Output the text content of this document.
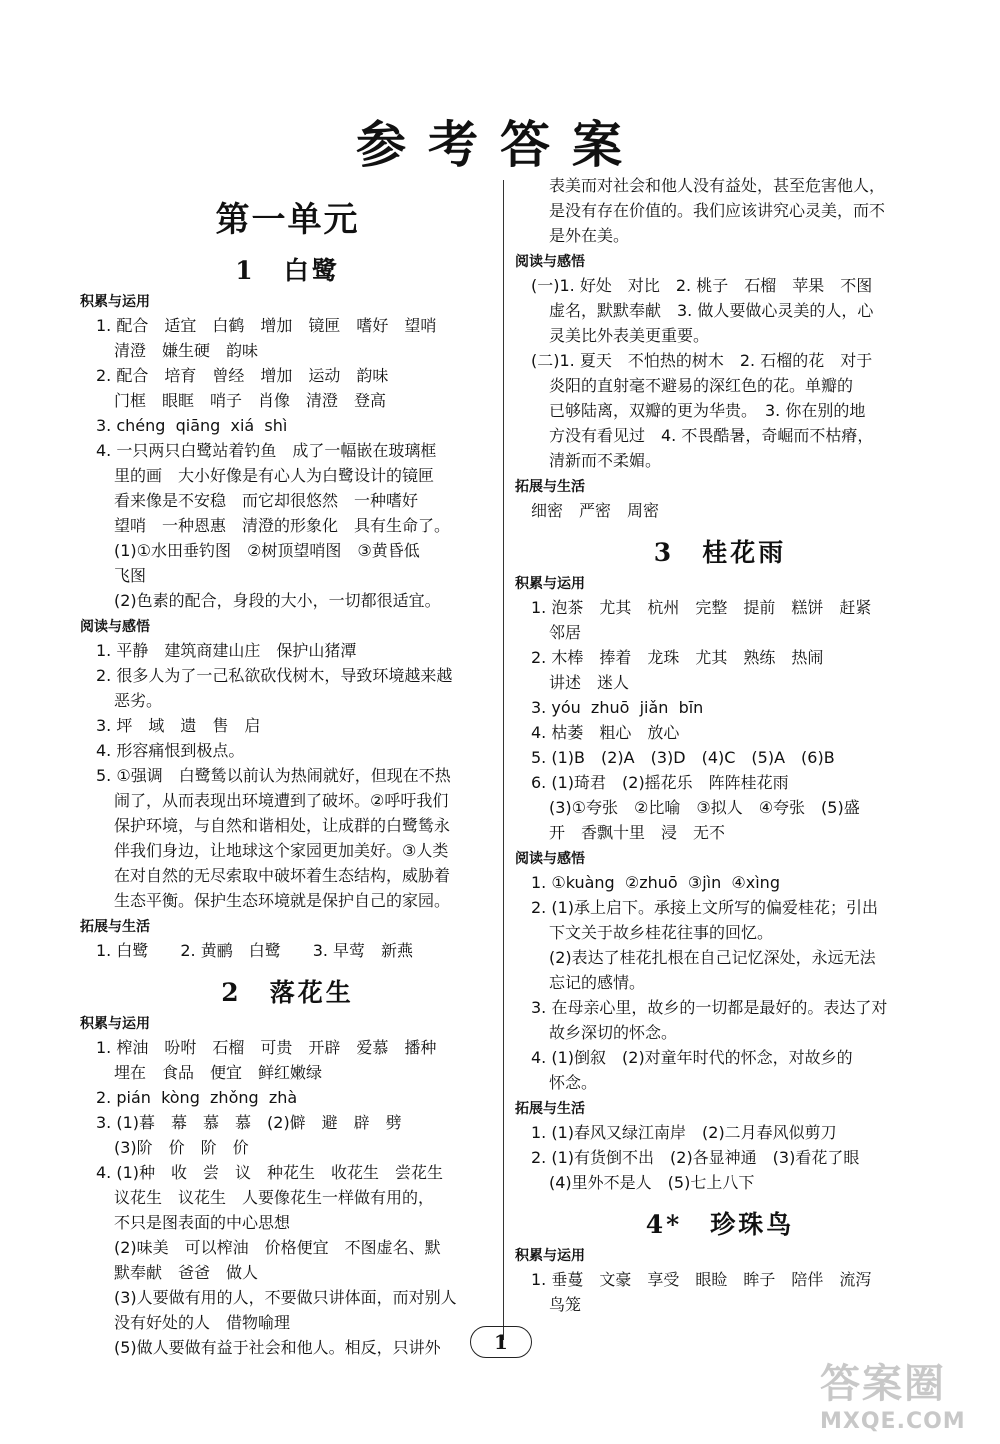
参考答案
第一单元
1　白鹭
积累与运用
1. 配合　适宜　白鹤　增加　镜匣　嗜好　望哨
清澄　嫌生硬　韵味
2. 配合　培育　曾经　增加　运动　韵味
门框　眼眶　哨子　肖像　清澄　登高
3. chéng  qiāng  xiá  shì
4. 一只两只白鹭站着钓鱼　成了一幅嵌在玻璃框
里的画　大小好像是有心人为白鹭设计的镜匣
看来像是不安稳　而它却很悠然　一种嗜好
望哨　一种恩惠　清澄的形象化　具有生命了。
(1)①水田垂钓图　②树顶望哨图　③黄昏低
飞图
(2)色素的配合，身段的大小，一切都很适宜。
阅读与感悟
1. 平静　建筑商建山庄　保护山猪潭
2. 很多人为了一己私欲砍伐树木，导致环境越来越
恶劣。
3. 坪　域　遗　售　启
4. 形容痛恨到极点。
5. ①强调　白鹭鸶以前认为热闹就好，但现在不热
闹了，从而表现出环境遭到了破坏。②呼吁我们
保护环境，与自然和谐相处，让成群的白鹭鸶永
伴我们身边，让地球这个家园更加美好。③人类
在对自然的无尽索取中破坏着生态结构，威胁着
生态平衡。保护生态环境就是保护自己的家园。
拓展与生活
1. 白鹭　　2. 黄鹂　白鹭　　3. 早莺　新燕
2　落花生
积累与运用
1. 榨油　吩咐　石榴　可贵　开辟　爱慕　播种
埋在　食品　便宜　鲜红嫩绿
2. pián  kòng  zhǒng  zhà
3. (1)暮　幕　慕　慕　(2)僻　避　辟　劈
(3)阶　价　阶　价
4. (1)种　收　尝　议　种花生　收花生　尝花生
议花生　议花生　人要像花生一样做有用的，
不只是图表面的中心思想
(2)味美　可以榨油　价格便宜　不图虚名、默
默奉献　爸爸　做人
(3)人要做有用的人，不要做只讲体面，而对别人
没有好处的人　借物喻理
(5)做人要做有益于社会和他人。相反，只讲外
表美而对社会和他人没有益处，甚至危害他人，
是没有存在价值的。我们应该讲究心灵美，而不
是外在美。
阅读与感悟
(一)1. 好处　对比　2. 桃子　石榴　苹果　不图
虚名，默默奉献　3. 做人要做心灵美的人，心
灵美比外表美更重要。
(二)1. 夏天　不怕热的树木　2. 石榴的花　对于
炎阳的直射毫不避易的深红色的花。单瓣的
已够陆离，双瓣的更为华贵。　3. 你在别的地
方没有看见过　4. 不畏酷暑，奇崛而不枯瘠，
清新而不柔媚。
拓展与生活
细密　严密　周密
3　桂花雨
积累与运用
1. 泡茶　尤其　杭州　完整　提前　糕饼　赶紧
邻居
2. 木棒　捧着　龙珠　尤其　熟练　热闹
讲述　迷人
3. yóu  zhuō  jiǎn  bīn
4. 枯萎　粗心　放心
5. (1)B　(2)A　(3)D　(4)C　(5)A　(6)B
6. (1)琦君　(2)摇花乐　阵阵桂花雨
(3)①夸张　②比喻　③拟人　④夸张　(5)盛
开　香飘十里　浸　无不
阅读与感悟
1. ①kuàng  ②zhuō  ③jìn  ④xìng
2. (1)承上启下。承接上文所写的偏爱桂花；引出
下文关于故乡桂花往事的回忆。
(2)表达了桂花扎根在自己记忆深处，永远无法
忘记的感情。
3. 在母亲心里，故乡的一切都是最好的。表达了对
故乡深切的怀念。
4. (1)倒叙　(2)对童年时代的怀念，对故乡的
怀念。
拓展与生活
1. (1)春风又绿江南岸　(2)二月春风似剪刀
2. (1)有货倒不出　(2)各显神通　(3)看花了眼
(4)里外不是人　(5)七上八下
4*　珍珠鸟
积累与运用
1. 垂蔓　文豪　享受　眼睑　眸子　陪伴　流泻
鸟笼
1
答案圈
MXQE.COM
